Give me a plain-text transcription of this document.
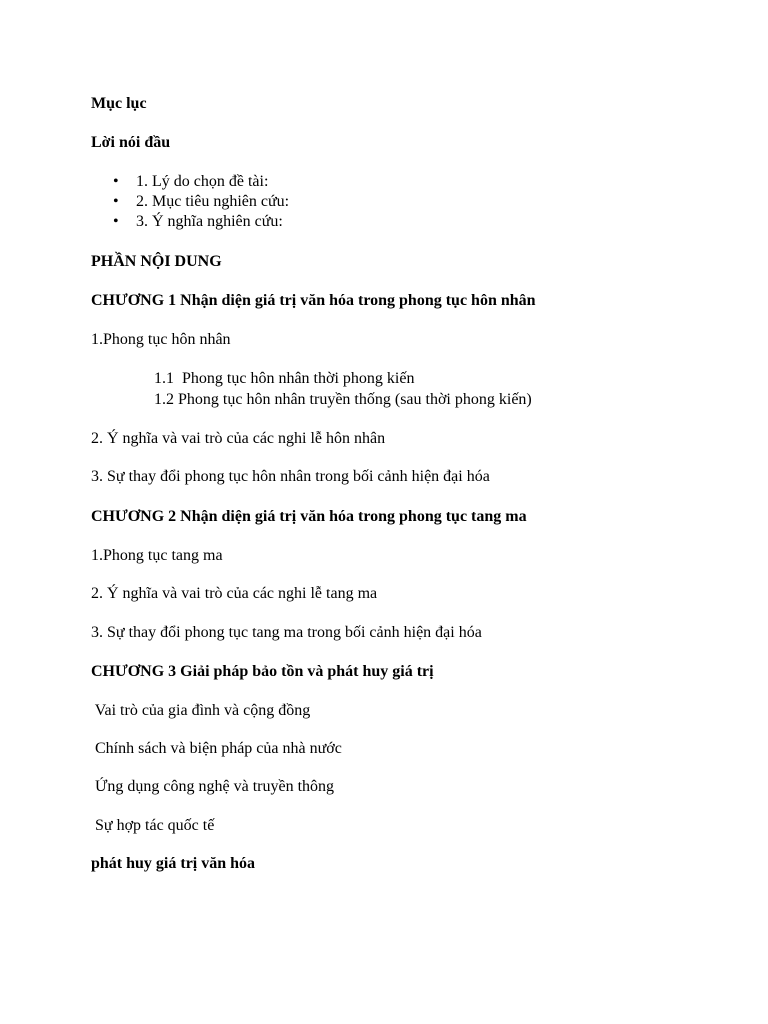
Mục lục
Lời nói đầu
• 1. Lý do chọn đề tài:
• 2. Mục tiêu nghiên cứu:
• 3. Ý nghĩa nghiên cứu:
PHẦN NỘI DUNG
CHƯƠNG 1 Nhận diện giá trị văn hóa trong phong tục hôn nhân
1.Phong tục hôn nhân
1.1  Phong tục hôn nhân thời phong kiến
1.2 Phong tục hôn nhân truyền thống (sau thời phong kiến)
2. Ý nghĩa và vai trò của các nghi lễ hôn nhân
3. Sự thay đổi phong tục hôn nhân trong bối cảnh hiện đại hóa
CHƯƠNG 2 Nhận diện giá trị văn hóa trong phong tục tang ma
1.Phong tục tang ma
2. Ý nghĩa và vai trò của các nghi lễ tang ma
3. Sự thay đổi phong tục tang ma trong bối cảnh hiện đại hóa
CHƯƠNG 3 Giải pháp bảo tồn và phát huy giá trị
Vai trò của gia đình và cộng đồng
Chính sách và biện pháp của nhà nước
Ứng dụng công nghệ và truyền thông
Sự hợp tác quốc tế
phát huy giá trị văn hóa
